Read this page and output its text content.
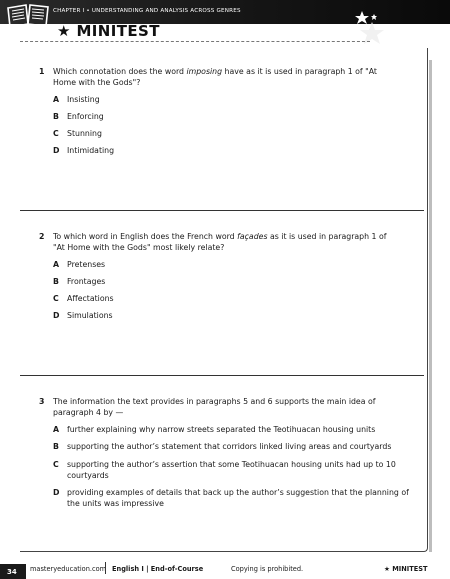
CHAPTER I • UNDERSTANDING AND ANALYSIS ACROSS GENRES
★ MINITEST
1 Which connotation does the word imposing have as it is used in paragraph 1 of "At Home with the Gods"?
A Insisting
B Enforcing
C Stunning
D Intimidating
2 To which word in English does the French word façades as it is used in paragraph 1 of "At Home with the Gods" most likely relate?
A Pretenses
B Frontages
C Affectations
D Simulations
3 The information the text provides in paragraphs 5 and 6 supports the main idea of paragraph 4 by —
A further explaining why narrow streets separated the Teotihuacan housing units
B supporting the author’s statement that corridors linked living areas and courtyards
C supporting the author’s assertion that some Teotihuacan housing units had up to 10 courtyards
D providing examples of details that back up the author’s suggestion that the planning of the units was impressive
34 masteryeducation.com English I | End-of-Course	Copying is prohibited.	★ MINITEST
